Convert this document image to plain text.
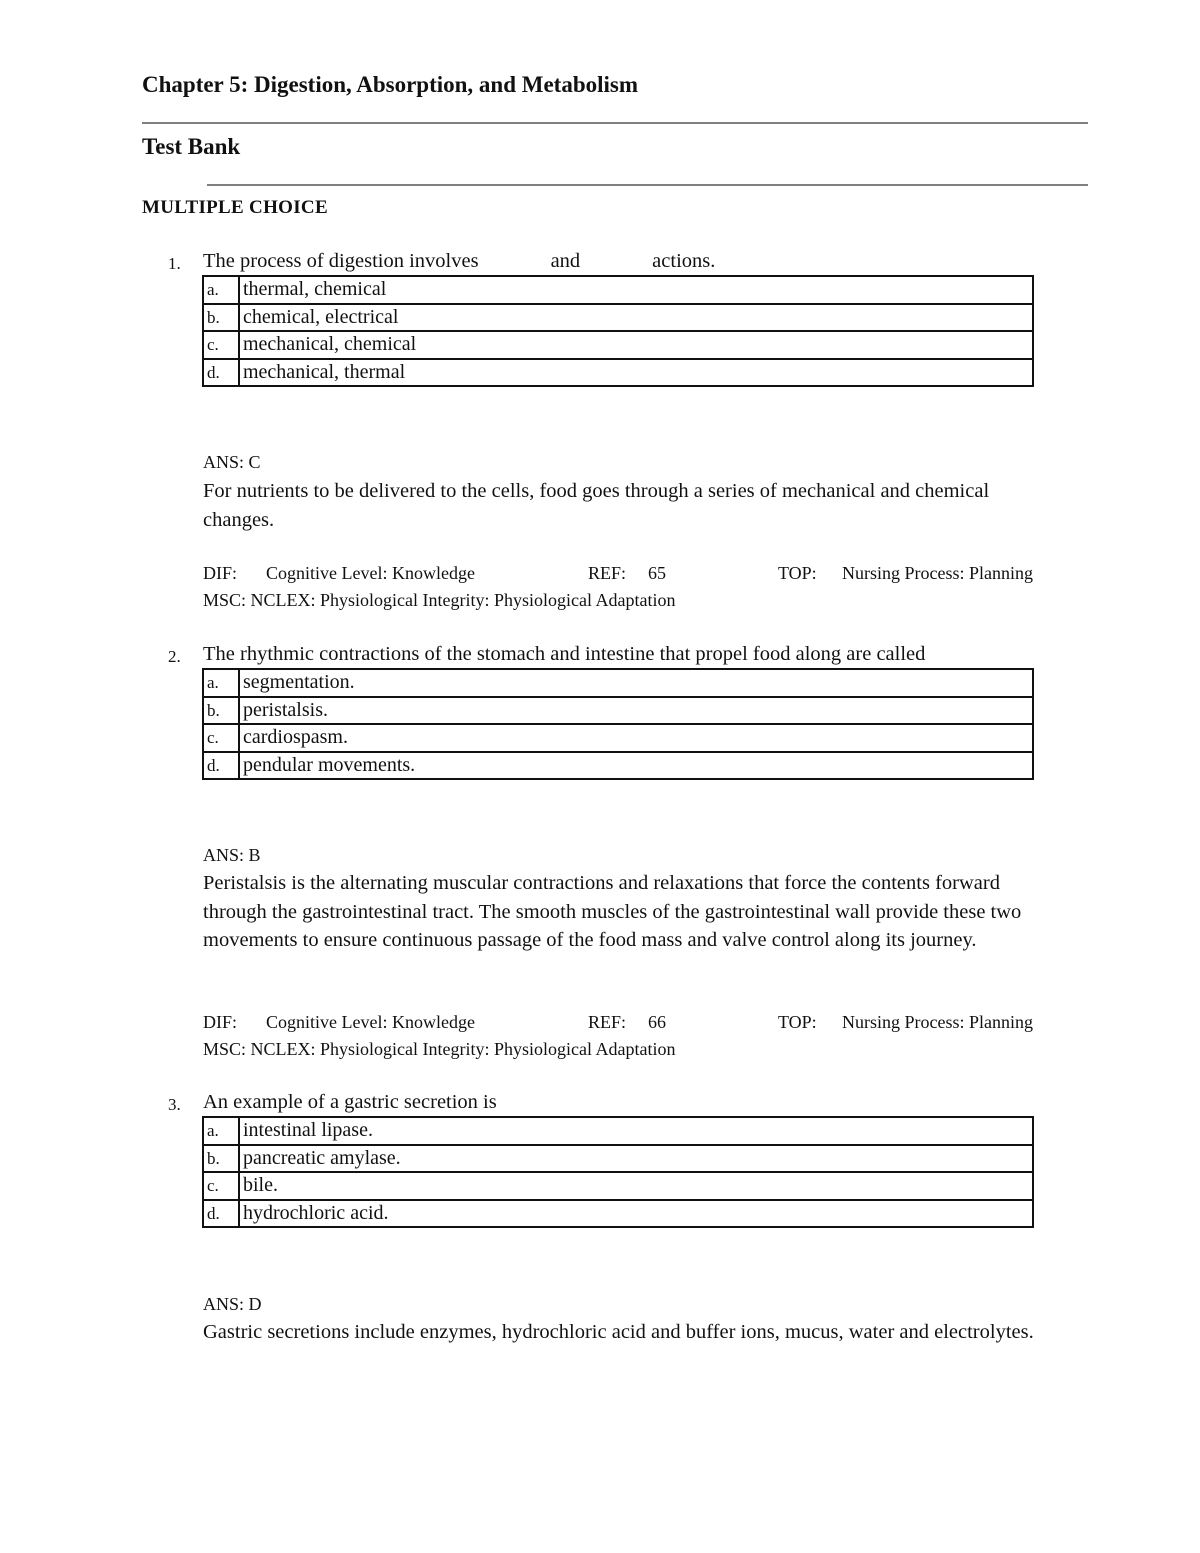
Chapter 5: Digestion, Absorption, and Metabolism
Test Bank
MULTIPLE CHOICE
1. The process of digestion involves	and	actions.
a.	thermal, chemical
b.	chemical, electrical
c.	mechanical, chemical
d.	mechanical, thermal
ANS: C
For nutrients to be delivered to the cells, food goes through a series of mechanical and chemical changes.
DIF: Cognitive Level: Knowledge	REF: 65	TOP: Nursing Process: Planning
MSC: NCLEX: Physiological Integrity: Physiological Adaptation
2. The rhythmic contractions of the stomach and intestine that propel food along are called
a.	segmentation.
b.	peristalsis.
c.	cardiospasm.
d.	pendular movements.
ANS: B
Peristalsis is the alternating muscular contractions and relaxations that force the contents forward through the gastrointestinal tract. The smooth muscles of the gastrointestinal wall provide these two movements to ensure continuous passage of the food mass and valve control along its journey.
DIF: Cognitive Level: Knowledge	REF: 66	TOP: Nursing Process: Planning
MSC: NCLEX: Physiological Integrity: Physiological Adaptation
3. An example of a gastric secretion is
a.	intestinal lipase.
b.	pancreatic amylase.
c.	bile.
d.	hydrochloric acid.
ANS: D
Gastric secretions include enzymes, hydrochloric acid and buffer ions, mucus, water and electrolytes.
